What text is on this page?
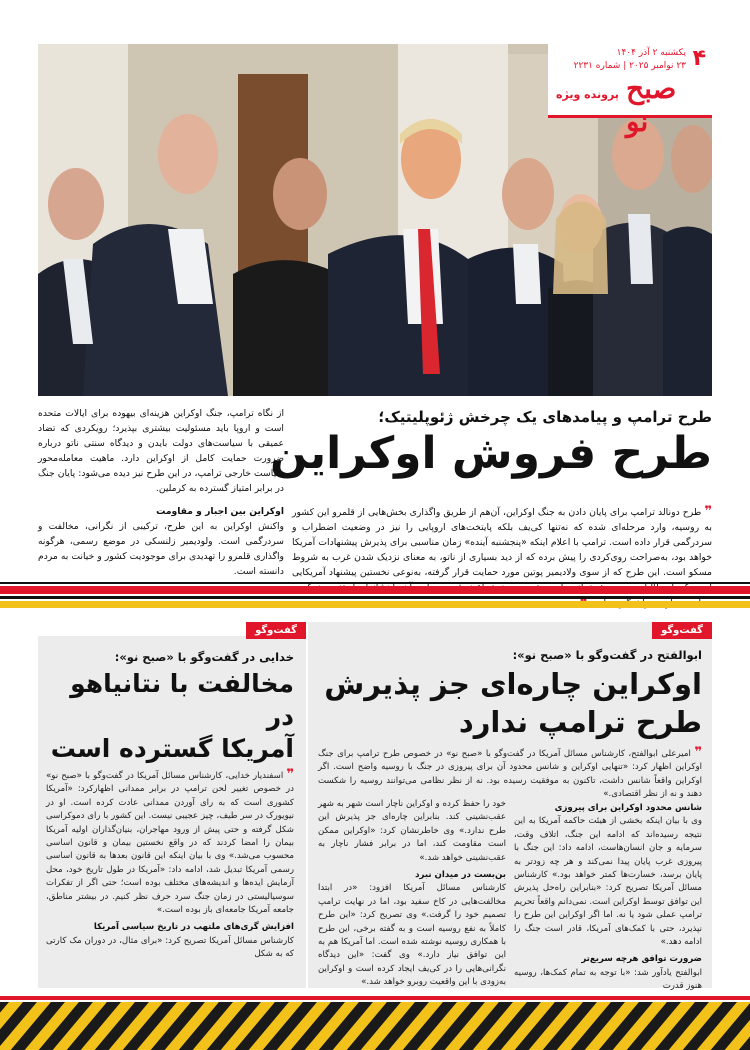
۴
یکشنبه ۲ آذر ۱۴۰۴
۲۳ نوامبر ۲۰۲۵ | شماره ۲۲۳۱
صبح نو
پرونده ویژه
طرح ترامپ و پیامدهای یک چرخش ژئوپلیتیک؛
طرح فروش اوکراین
❞ طرح دونالد ترامپ برای پایان دادن به جنگ اوکراین، آن‌هم از طریق واگذاری بخش‌هایی از قلمرو این کشور به روسیه، وارد مرحله‌ای شده که نه‌تنها کی‌یف بلکه پایتخت‌های اروپایی را نیز در وضعیت اضطراب و سردرگمی قرار داده است. ترامپ با اعلام اینکه «پنجشنبه آینده» زمان مناسبی برای پذیرش پیشنهادات آمریکا خواهد بود، به‌صراحت روی‌کردی را پیش برده که از دید بسیاری از ناتو، به معنای نزدیک شدن غرب به شروط مسکو است. این طرح که از سوی ولادیمیر پوتین مورد حمایت قرار گرفته، به‌نوعی نخستین پیشنهاد آمریکایی
از نگاه ترامپ، جنگ اوکراین هزینه‌ای بیهوده برای ایالات متحده است و اروپا باید مسئولیت بیشتری بپذیرد؛ رویکردی که تضاد عمیقی با سیاست‌های دولت بایدن و دیدگاه سنتی ناتو درباره ضرورت حمایت کامل از اوکراین دارد. ماهیت معامله‌محور سیاست خارجی ترامپ، در این طرح نیز دیده می‌شود: پایان جنگ در برابر امتیاز گسترده به کرملین.
اوکراین بین اجبار و مقاومت
واکنش اوکراین به این طرح، ترکیبی از نگرانی، مخالفت و سردرگمی است. ولودیمیر زلنسکی در موضع رسمی، هرگونه واگذاری قلمرو را تهدیدی برای موجودیت کشور و خیانت به مردم دانسته است.
گفت‌وگو
ابوالفتح در گفت‌وگو با «صبح نو»:
اوکراین چاره‌ای جز پذیرش
طرح ترامپ ندارد
❞ امیرعلی ابوالفتح، کارشناس مسائل آمریکا در گفت‌وگو با «صبح نو» در خصوص طرح ترامپ برای جنگ اوکراین اظهار کرد: «تنهایی اوکراین و شانس محدود آن برای پیروزی در جنگ با روسیه واضح است. اگر اوکراین واقعاً شانس داشت، تاکنون به موفقیت رسیده بود. نه از نظر نظامی می‌توانند روسیه را شکست دهند و نه از نظر اقتصادی.»
شانس محدود اوکراین برای پیروزی
وی با بیان اینکه بخشی از هیئت حاکمه آمریکا به این نتیجه رسیده‌اند که ادامه این جنگ، اتلاف وقت، سرمایه و جان انسان‌هاست، ادامه داد: این جنگ با پیروزی غرب پایان پیدا نمی‌کند و هر چه زودتر به پایان برسد، خسارت‌ها کمتر خواهد بود.» کارشناس مسائل آمریکا تصریح کرد: «بنابراین راه‌حل پذیرش این توافق توسط اوکراین است. نمی‌دانم واقعاً تحریم ترامپ عملی شود یا نه. اما اگر اوکراین این طرح را نپذیرد، حتی با کمک‌های آمریکا، قادر است جنگ را ادامه دهد.»
ضرورت توافق هرچه سریع‌تر
ابوالفتح یادآور شد: «با توجه به تمام کمک‌ها، روسیه هنوز قدرت
خود را حفظ کرده و اوکراین ناچار است شهر به شهر عقب‌نشینی کند. بنابراین چاره‌ای جز پذیرش این طرح ندارد.» وی خاطرنشان کرد: «اوکراین ممکن است مقاومت کند، اما در برابر فشار ناچار به عقب‌نشینی خواهد شد.»
بن‌بست در میدان نبرد
کارشناس مسائل آمریکا افزود: «در ابتدا مخالفت‌هایی در کاخ سفید بود، اما در نهایت ترامپ تصمیم خود را گرفت.» وی تصریح کرد: «این طرح کاملاً به نفع روسیه است و به گفته برخی، این طرح با همکاری روسیه نوشته شده است. اما آمریکا هم به این توافق نیاز دارد.» وی گفت: «این دیدگاه نگرانی‌هایی را در کی‌یف ایجاد کرده است و اوکراین به‌زودی با این واقعیت روبرو خواهد شد.»
گفت‌وگو
خدایی در گفت‌وگو با «صبح نو»:
مخالفت با نتانیاهو در
آمریکا گسترده است
❞ اسفندیار خدایی، کارشناس مسائل آمریکا در گفت‌وگو با «صبح نو» در خصوص تغییر لحن ترامپ در برابر ممدانی اظهارکرد: «آمریکا کشوری است که به رای آوردن ممدانی عادت کرده است. او در نیویورک در سر طیف، چیز عجیبی نیست. این کشور با رای دموکراسی شکل گرفته و حتی پیش از ورود مهاجران، بنیان‌گذاران اولیه آمریکا بیمان را امضا کردند که در واقع نخستین بیمان و قانون اساسی محسوب می‌شد.» وی با بیان اینکه این قانون بعدها به قانون اساسی رسمی آمریکا تبدیل شد، ادامه داد: «آمریکا در طول تاریخ خود، محل آزمایش ایده‌ها و اندیشه‌های مختلف بوده است؛ حتی اگر از تفکرات سوسیالیستی در زمان جنگ سرد حرف نظر کنیم. در بیشتر مناطق، جامعه آمریکا جامعه‌ای باز بوده است.»
افزایش گری‌های ملتهب در تاریخ سیاسی آمریکا
کارشناس مسائل آمریکا تصریح کرد: «برای مثال، در دوران مک کارتی که به شکل
